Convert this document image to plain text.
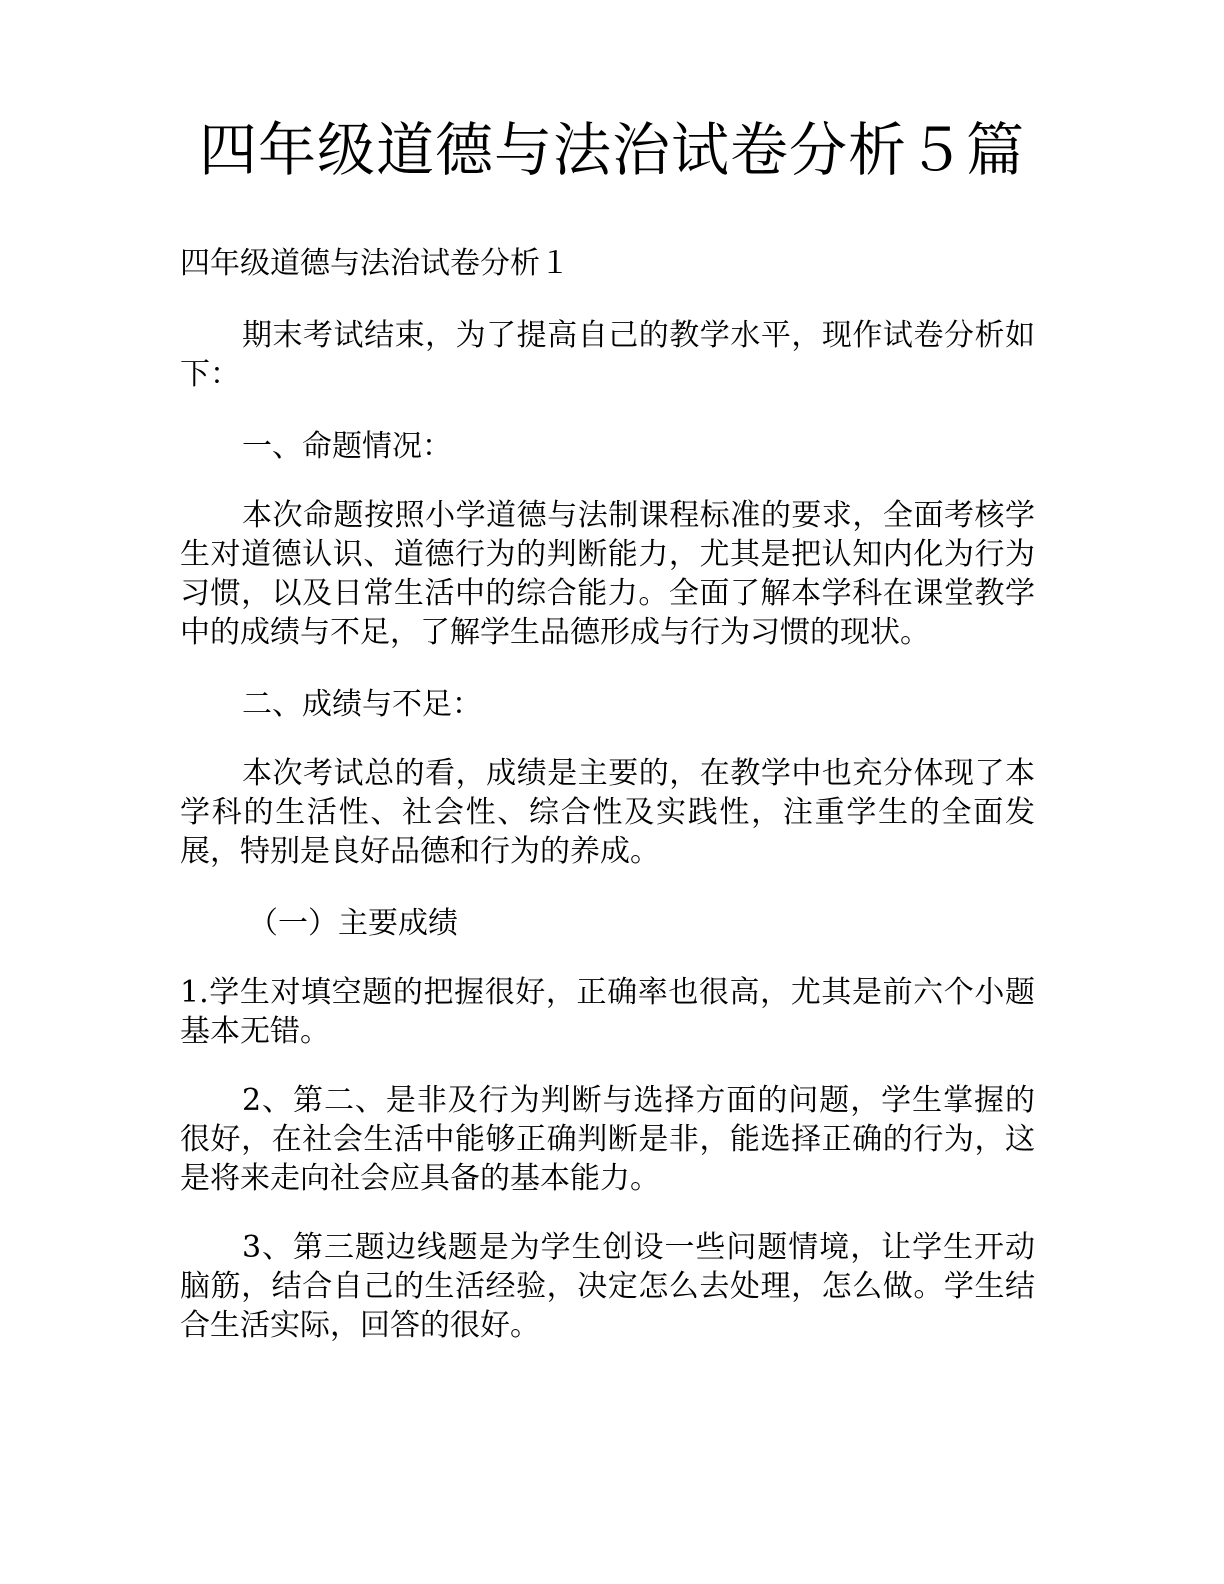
四年级道德与法治试卷分析５篇

四年级道德与法治试卷分析１

期末考试结束，为了提高自己的教学水平，现作试卷分析如下：

一、命题情况：

本次命题按照小学道德与法制课程标准的要求，全面考核学生对道德认识、道德行为的判断能力，尤其是把认知内化为行为习惯，以及日常生活中的综合能力。全面了解本学科在课堂教学中的成绩与不足，了解学生品德形成与行为习惯的现状。

二、成绩与不足：

本次考试总的看，成绩是主要的，在教学中也充分体现了本学科的生活性、社会性、综合性及实践性，注重学生的全面发展，特别是良好品德和行为的养成。

（一）主要成绩

1.学生对填空题的把握很好，正确率也很高，尤其是前六个小题基本无错。

2、第二、是非及行为判断与选择方面的问题，学生掌握的很好，在社会生活中能够正确判断是非，能选择正确的行为，这是将来走向社会应具备的基本能力。

3、第三题边线题是为学生创设一些问题情境，让学生开动脑筋，结合自己的生活经验，决定怎么去处理，怎么做。学生结合生活实际，回答的很好。
